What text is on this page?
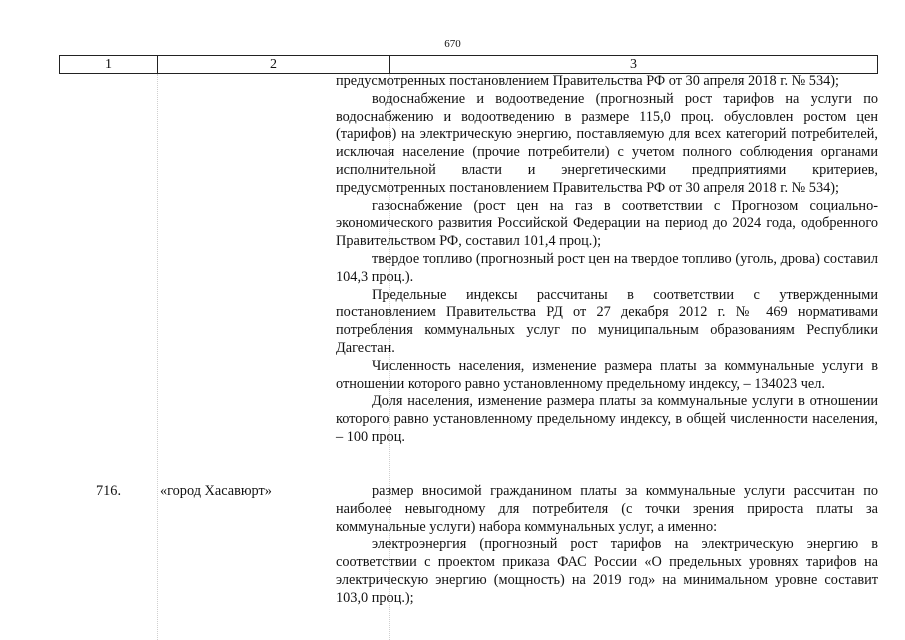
670
1	2	3

предусмотренных постановлением Правительства РФ от 30 апреля 2018 г. № 534);

водоснабжение и водоотведение (прогнозный рост тарифов на услуги по водоснабжению и водоотведению в размере 115,0 проц. обусловлен ростом цен (тарифов) на электрическую энергию, поставляемую для всех категорий потребителей, исключая население (прочие потребители) с учетом полного соблюдения органами исполнительной власти и энергетическими предприятиями критериев, предусмотренных постановлением Правительства РФ от 30 апреля 2018 г. № 534);

газоснабжение (рост цен на газ в соответствии с Прогнозом социально-экономического развития Российской Федерации на период до 2024 года, одобренного Правительством РФ, составил 101,4 проц.);

твердое топливо (прогнозный рост цен на твердое топливо (уголь, дрова) составил 104,3 проц.).

Предельные индексы рассчитаны в соответствии с утвержденными постановлением Правительства РД от 27 декабря 2012 г. № 469 нормативами потребления коммунальных услуг по муниципальным образованиям Республики Дагестан.

Численность населения, изменение размера платы за коммунальные услуги в отношении которого равно установленному предельному индексу, – 134023 чел.

Доля населения, изменение размера платы за коммунальные услуги в отношении которого равно установленному предельному индексу, в общей численности населения, – 100 проц.

716.	«город Хасавюрт»	размер вносимой гражданином платы за коммунальные услуги рассчитан по наиболее невыгодному для потребителя (с точки зрения прироста платы за коммунальные услуги) набора коммунальных услуг, а именно:

электроэнергия (прогнозный рост тарифов на электрическую энергию в соответствии с проектом приказа ФАС России «О предельных уровнях тарифов на электрическую энергию (мощность) на 2019 год» на минимальном уровне составит 103,0 проц.);
